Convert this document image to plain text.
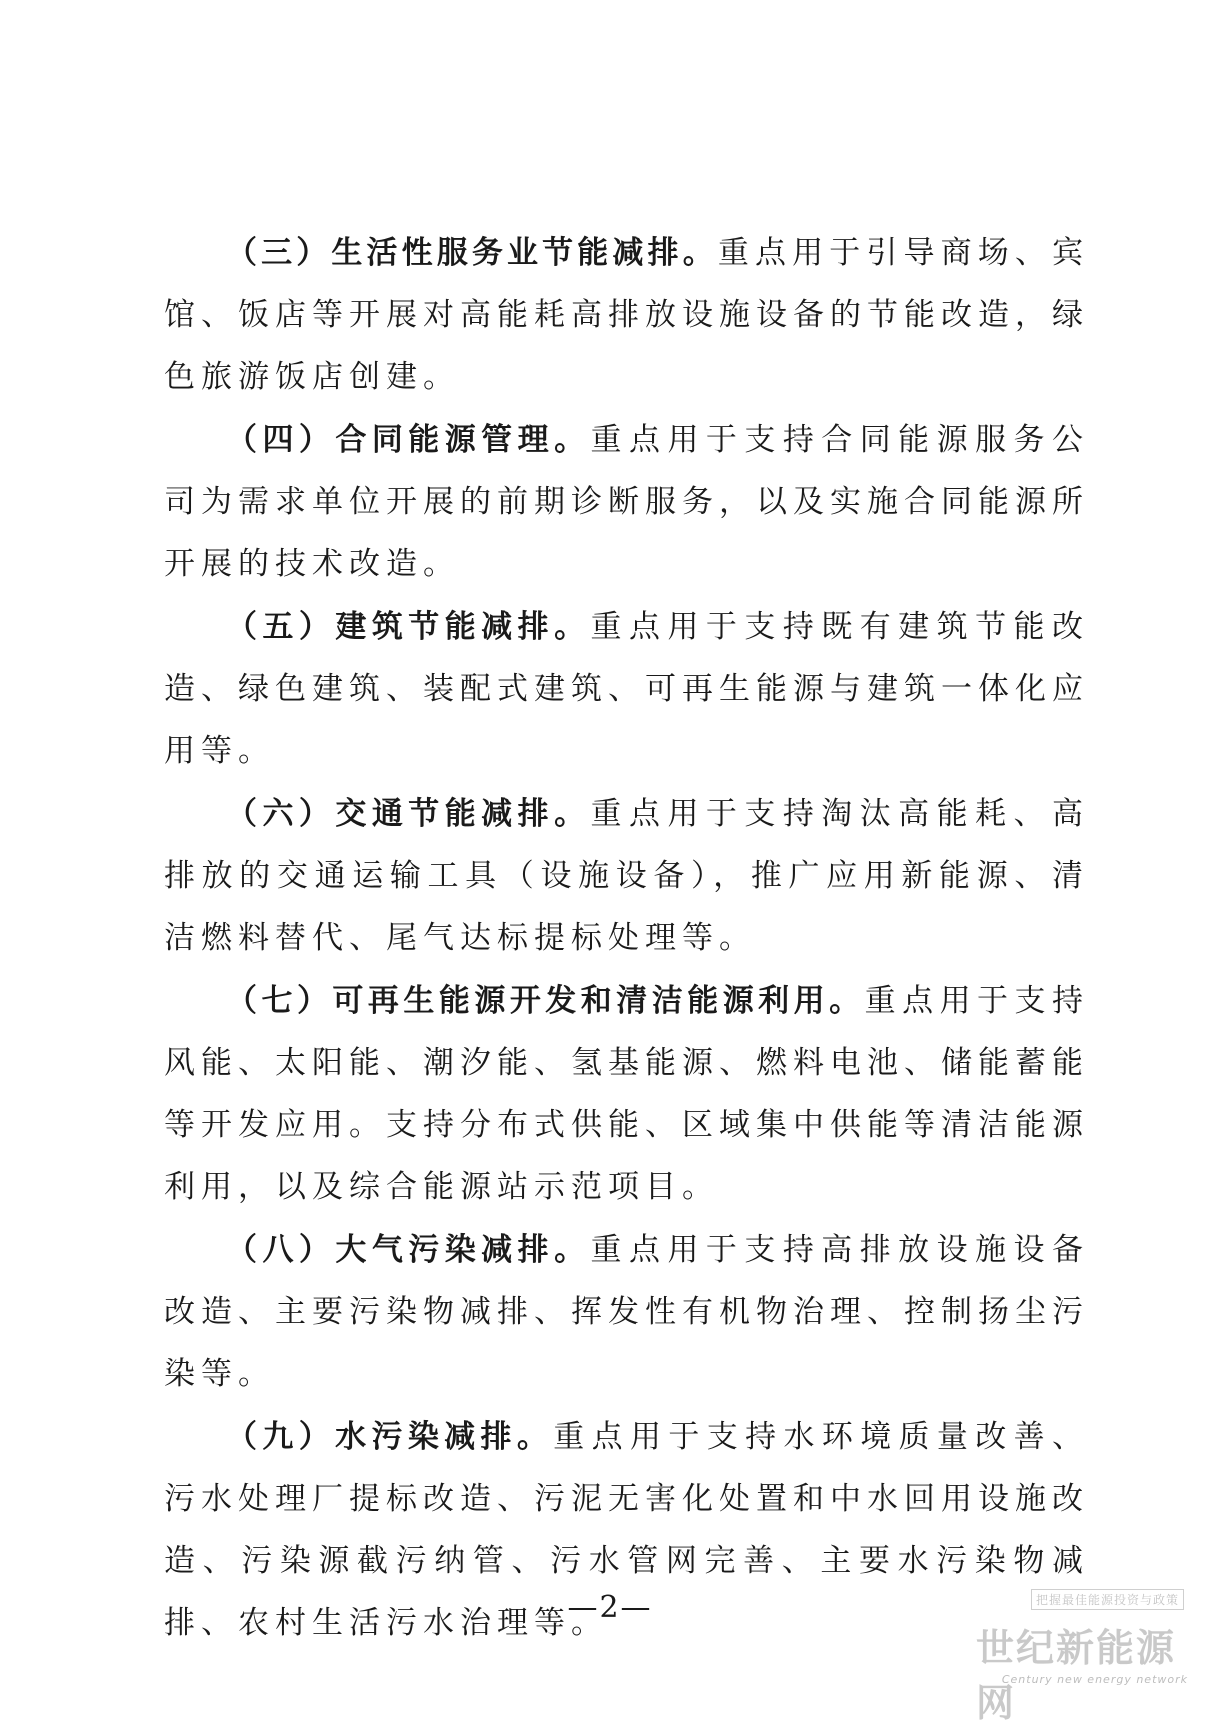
（三）生活性服务业节能减排。重点用于引导商场、宾馆、饭店等开展对高能耗高排放设施设备的节能改造，绿色旅游饭店创建。

（四）合同能源管理。重点用于支持合同能源服务公司为需求单位开展的前期诊断服务，以及实施合同能源所开展的技术改造。

（五）建筑节能减排。重点用于支持既有建筑节能改造、绿色建筑、装配式建筑、可再生能源与建筑一体化应用等。

（六）交通节能减排。重点用于支持淘汰高能耗、高排放的交通运输工具（设施设备），推广应用新能源、清洁燃料替代、尾气达标提标处理等。

（七）可再生能源开发和清洁能源利用。重点用于支持风能、太阳能、潮汐能、氢基能源、燃料电池、储能蓄能等开发应用。支持分布式供能、区域集中供能等清洁能源利用，以及综合能源站示范项目。

（八）大气污染减排。重点用于支持高排放设施设备改造、主要污染物减排、挥发性有机物治理、控制扬尘污染等。

（九）水污染减排。重点用于支持水环境质量改善、污水处理厂提标改造、污泥无害化处置和中水回用设施改造、污染源截污纳管、污水管网完善、主要水污染物减排、农村生活污水治理等。

—2—	把握最佳能源投资与政策
世纪新能源网
Century new energy network
